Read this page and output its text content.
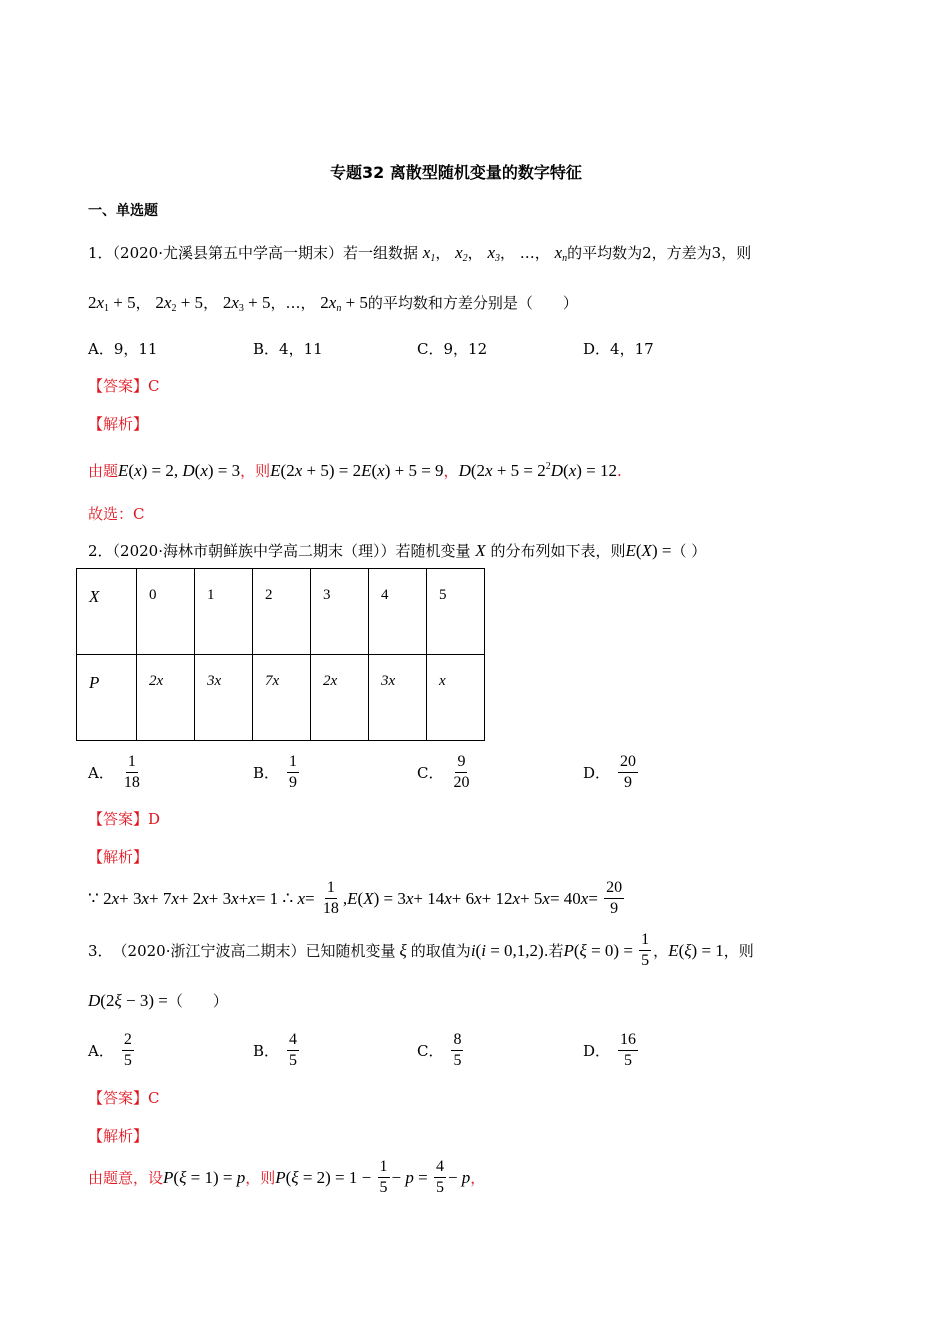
专题32 离散型随机变量的数字特征
一、单选题
1．（2020·尤溪县第五中学高一期末）若一组数据 $x_1$， $x_2$， $x_3$， …， $x_n$的平均数为2，方差为3，则
$2x_1 + 5$， $2x_2 + 5$， $2x_3 + 5$，…， $2x_n + 5$的平均数和方差分别是（　　）
A．9，11	B．4，11	C．9，12	D．4，17
【答案】C
【解析】
由题E(x) = 2, D(x) = 3，则E(2x + 5) = 2E(x) + 5 = 9，$D(2x + 5 = 2^2D(x) = 12$.
故选：C
2．（2020·海林市朝鲜族中学高二期末（理））若随机变量 X 的分布列如下表，则E(X) =（ ）
X	0	1	2	3	4	5
P	2x	3x	7x	2x	3x	x
A． $\frac{1}{18}$	B． $\frac{1}{9}$	C． $\frac{9}{20}$	D． $\frac{20}{9}$
【答案】D
【解析】
∵ 2 x + 3 x + 7 x + 2 x + 3 x + x = 1 ∴ $x = \frac{1}{18}$ , E ( X ) = 3 x + 14 x + 6 x + 12 x + 5 x = 40 $x = \frac{20}{9}$
3． （2020·浙江宁波高二期末） 已知随机变量 ξ 的取值为 i(i = 0,1,2) .若 $P(\xi = 0) = \frac{1}{5}$ ， E(ξ) = 1 ，则
D(2ξ − 3) =（　　）
A． $\frac{2}{5}$	B． $\frac{4}{5}$	C． $\frac{8}{5}$	D． $\frac{16}{5}$
【答案】C
【解析】
由题意，设 P(ξ = 1) = p ，则 $P(\xi = 2) = 1 - \frac{1}{5} - p = \frac{4}{5} - p$ ，
